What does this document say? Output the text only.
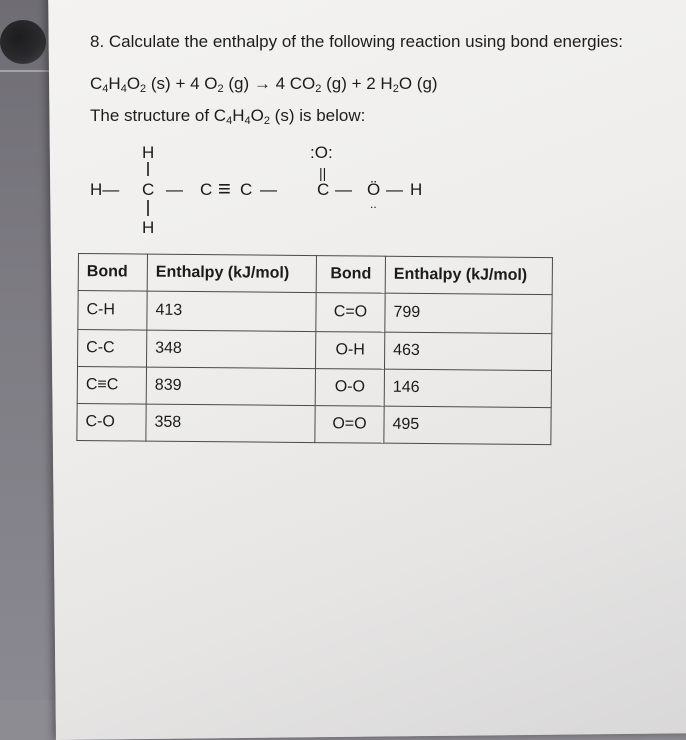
8. Calculate the enthalpy of the following reaction using bond energies:
$C_4H_4O_2$ (s) + 4 $O_2$ (g) → 4 $CO_2$ (g) + 2 $H_2O$ (g)
The structure of $C_4H_4O_2$ (s) is below:
H
H— C
H
— C ≡ C —
:O:
||
C — Ö
..
— H
Bond	Enthalpy (kJ/mol)	Bond	Enthalpy (kJ/mol)
C-H	413	C=O	799
C-C	348	O-H	463
C≡C	839	O-O	146
C-O	358	O=O	495
